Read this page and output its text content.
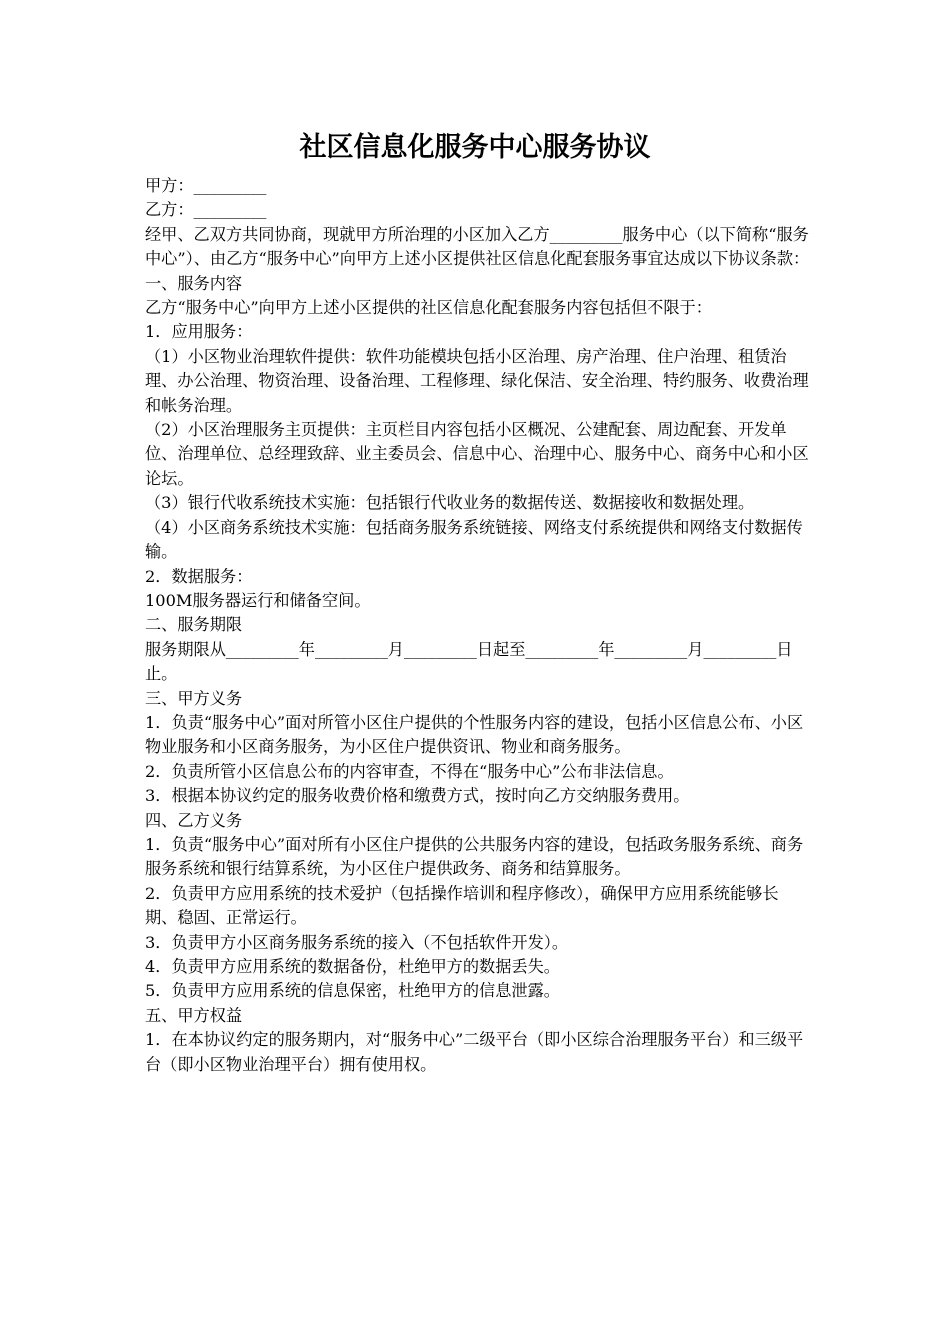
社区信息化服务中心服务协议

甲方：_________

乙方：_________

经甲、乙双方共同协商，现就甲方所治理的小区加入乙方_________服务中心（以下简称“服务中心”）、由乙方“服务中心”向甲方上述小区提供社区信息化配套服务事宜达成以下协议条款：

一、服务内容

乙方“服务中心”向甲方上述小区提供的社区信息化配套服务内容包括但不限于：

1．应用服务：

（1）小区物业治理软件提供：软件功能模块包括小区治理、房产治理、住户治理、租赁治理、办公治理、物资治理、设备治理、工程修理、绿化保洁、安全治理、特约服务、收费治理和帐务治理。

（2）小区治理服务主页提供：主页栏目内容包括小区概况、公建配套、周边配套、开发单位、治理单位、总经理致辞、业主委员会、信息中心、治理中心、服务中心、商务中心和小区论坛。

（3）银行代收系统技术实施：包括银行代收业务的数据传送、数据接收和数据处理。

（4）小区商务系统技术实施：包括商务服务系统链接、网络支付系统提供和网络支付数据传输。

2．数据服务：

100M服务器运行和储备空间。

二、服务期限

服务期限从_________年_________月_________日起至_________年_________月_________日止。

三、甲方义务

1．负责“服务中心”面对所管小区住户提供的个性服务内容的建设，包括小区信息公布、小区物业服务和小区商务服务，为小区住户提供资讯、物业和商务服务。

2．负责所管小区信息公布的内容审查，不得在“服务中心”公布非法信息。

3．根据本协议约定的服务收费价格和缴费方式，按时向乙方交纳服务费用。

四、乙方义务

1．负责“服务中心”面对所有小区住户提供的公共服务内容的建设，包括政务服务系统、商务服务系统和银行结算系统，为小区住户提供政务、商务和结算服务。

2．负责甲方应用系统的技术爱护（包括操作培训和程序修改），确保甲方应用系统能够长期、稳固、正常运行。

3．负责甲方小区商务服务系统的接入（不包括软件开发）。

4．负责甲方应用系统的数据备份，杜绝甲方的数据丢失。

5．负责甲方应用系统的信息保密，杜绝甲方的信息泄露。

五、甲方权益

1．在本协议约定的服务期内，对“服务中心”二级平台（即小区综合治理服务平台）和三级平台（即小区物业治理平台）拥有使用权。
